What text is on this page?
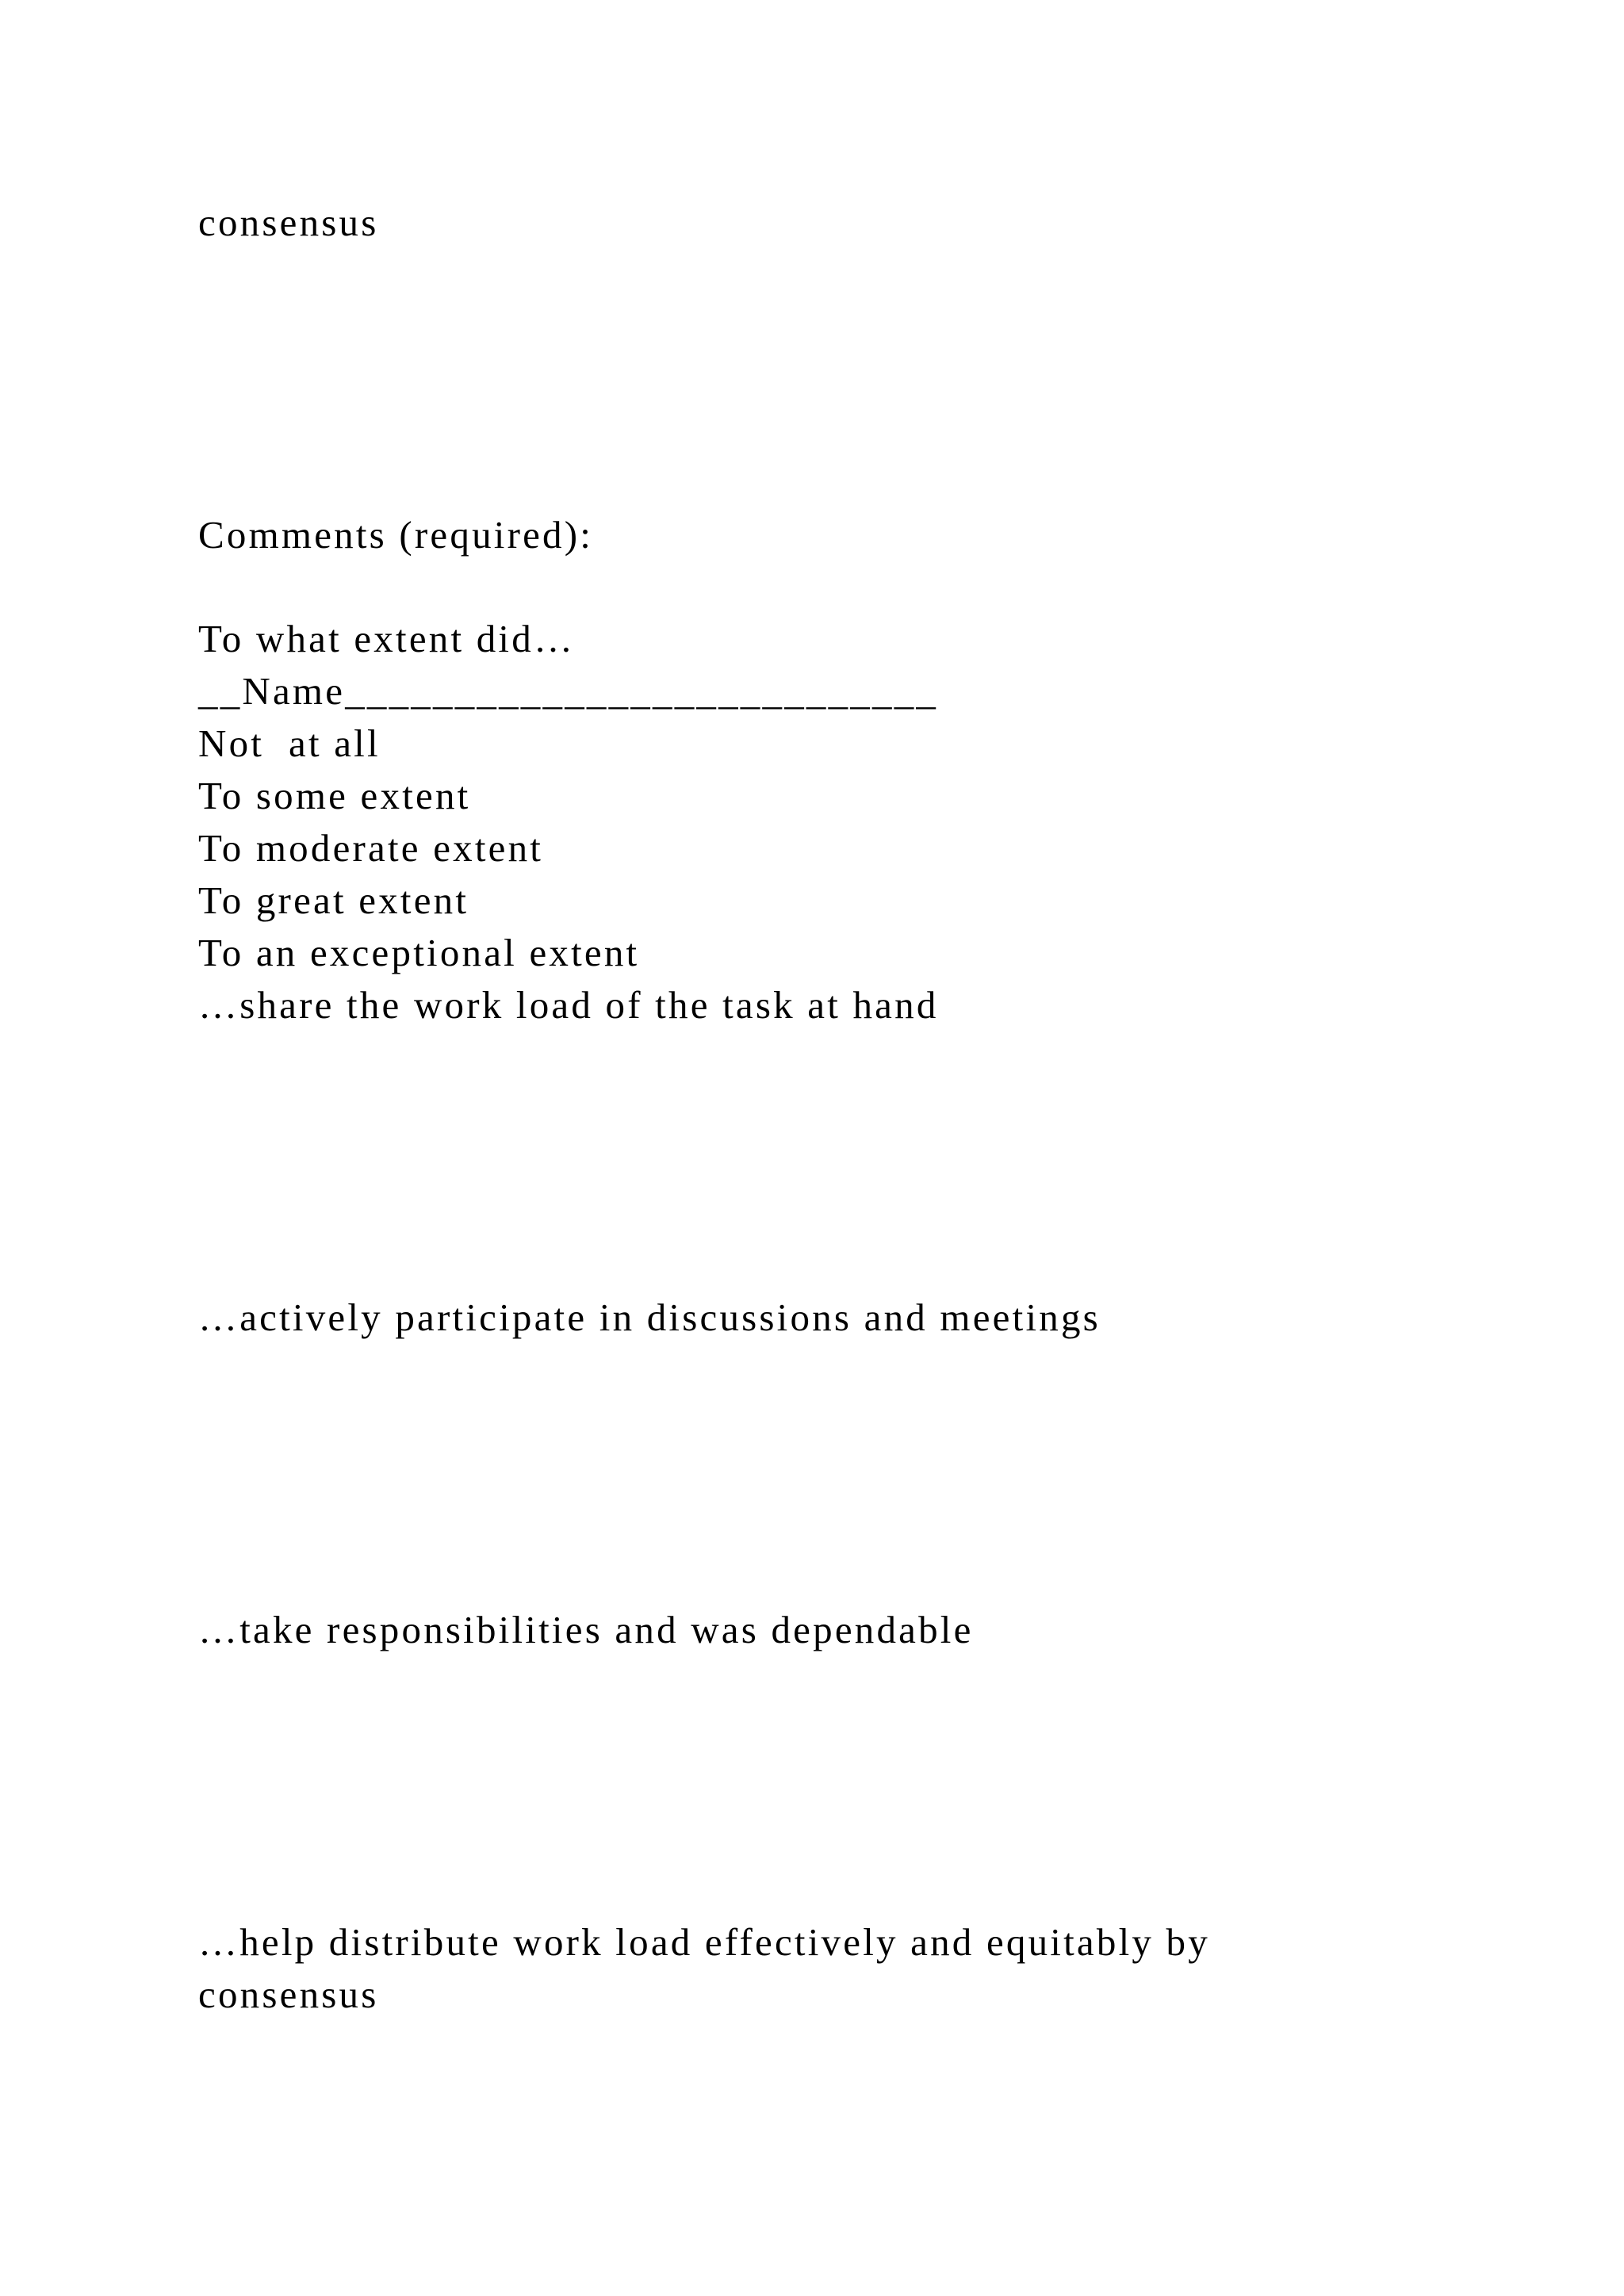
consensus

Comments (required):

To what extent did…

__Name___________________________

Not  at all

To some extent

To moderate extent

To great extent

To an exceptional extent

…share the work load of the task at hand

…actively participate in discussions and meetings

…take responsibilities and was dependable

…help distribute work load effectively and equitably by

consensus
